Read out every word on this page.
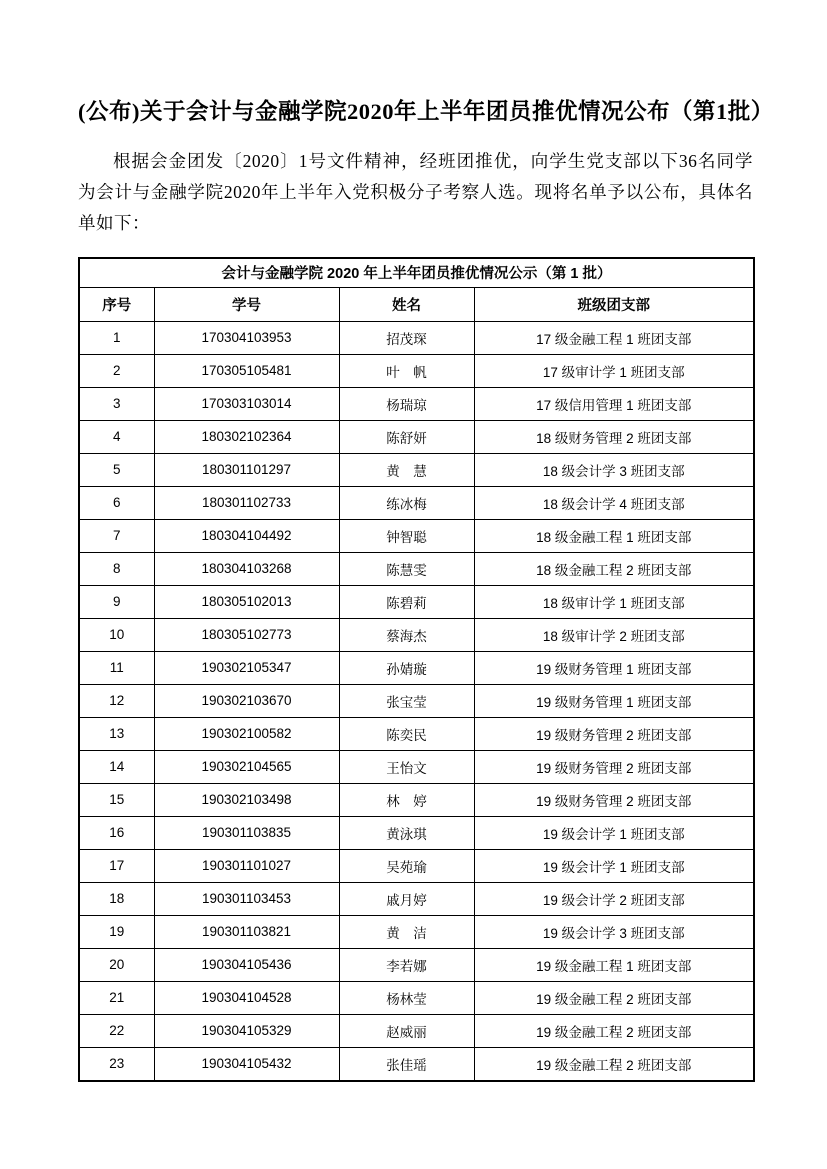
(公布)关于会计与金融学院2020年上半年团员推优情况公布（第1批）

根据会金团发〔2020〕1号文件精神，经班团推优，向学生党支部以下36名同学为会计与金融学院2020年上半年入党积极分子考察人选。现将名单予以公布，具体名单如下：

会计与金融学院 2020 年上半年团员推优情况公示（第 1 批）			
序号	学号	姓名	班级团支部
1	170304103953	招茂琛	17 级金融工程 1 班团支部
2	170305105481	叶　帆	17 级审计学 1 班团支部
3	170303103014	杨瑞琼	17 级信用管理 1 班团支部
4	180302102364	陈舒妍	18 级财务管理 2 班团支部
5	180301101297	黄　慧	18 级会计学 3 班团支部
6	180301102733	练冰梅	18 级会计学 4 班团支部
7	180304104492	钟智聪	18 级金融工程 1 班团支部
8	180304103268	陈慧雯	18 级金融工程 2 班团支部
9	180305102013	陈碧莉	18 级审计学 1 班团支部
10	180305102773	蔡海杰	18 级审计学 2 班团支部
11	190302105347	孙婧璇	19 级财务管理 1 班团支部
12	190302103670	张宝莹	19 级财务管理 1 班团支部
13	190302100582	陈奕民	19 级财务管理 2 班团支部
14	190302104565	王怡文	19 级财务管理 2 班团支部
15	190302103498	林　婷	19 级财务管理 2 班团支部
16	190301103835	黄泳琪	19 级会计学 1 班团支部
17	190301101027	吴苑瑜	19 级会计学 1 班团支部
18	190301103453	戚月婷	19 级会计学 2 班团支部
19	190301103821	黄　洁	19 级会计学 3 班团支部
20	190304105436	李若娜	19 级金融工程 1 班团支部
21	190304104528	杨林莹	19 级金融工程 2 班团支部
22	190304105329	赵威丽	19 级金融工程 2 班团支部
23	190304105432	张佳瑶	19 级金融工程 2 班团支部
